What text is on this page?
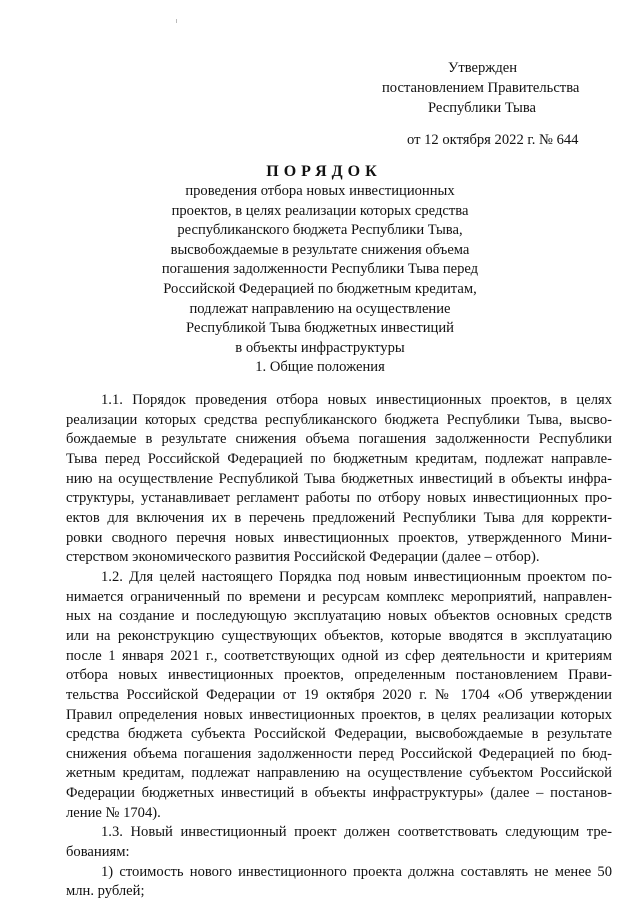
Утвержден
постановлением Правительства
Республики Тыва
от 12 октября 2022 г. № 644
ПОРЯДОК
проведения отбора новых инвестиционных
проектов, в целях реализации которых средства
республиканского бюджета Республики Тыва,
высвобождаемые в результате снижения объема
погашения задолженности Республики Тыва перед
Российской Федерацией по бюджетным кредитам,
подлежат направлению на осуществление
Республикой Тыва бюджетных инвестиций
в объекты инфраструктуры
1. Общие положения
1.1. Порядок проведения отбора новых инвестиционных проектов, в целях
реализации которых средства республиканского бюджета Республики Тыва, высво-
бождаемые в результате снижения объема погашения задолженности Республики
Тыва перед Российской Федерацией по бюджетным кредитам, подлежат направле-
нию на осуществление Республикой Тыва бюджетных инвестиций в объекты инфра-
структуры, устанавливает регламент работы по отбору новых инвестиционных про-
ектов для включения их в перечень предложений Республики Тыва для корректи-
ровки сводного перечня новых инвестиционных проектов, утвержденного Мини-
стерством экономического развития Российской Федерации (далее – отбор).
1.2. Для целей настоящего Порядка под новым инвестиционным проектом по-
нимается ограниченный по времени и ресурсам комплекс мероприятий, направлен-
ных на создание и последующую эксплуатацию новых объектов основных средств
или на реконструкцию существующих объектов, которые вводятся в эксплуатацию
после 1 января 2021 г., соответствующих одной из сфер деятельности и критериям
отбора новых инвестиционных проектов, определенным постановлением Прави-
тельства Российской Федерации от 19 октября 2020 г. № 1704 «Об утверждении
Правил определения новых инвестиционных проектов, в целях реализации которых
средства бюджета субъекта Российской Федерации, высвобождаемые в результате
снижения объема погашения задолженности перед Российской Федерацией по бюд-
жетным кредитам, подлежат направлению на осуществление субъектом Российской
Федерации бюджетных инвестиций в объекты инфраструктуры» (далее – постанов-
ление № 1704).
1.3. Новый инвестиционный проект должен соответствовать следующим тре-
бованиям:
1) стоимость нового инвестиционного проекта должна составлять не менее 50
млн. рублей;
